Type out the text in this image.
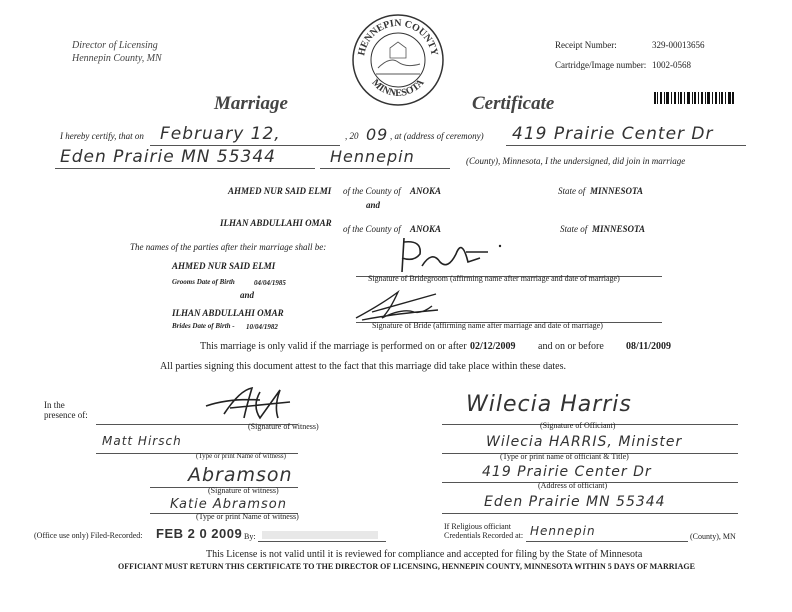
Director of Licensing
Hennepin County, MN
HENNEPIN COUNTY
MINNESOTA
Receipt Number:	329-00013656
Cartridge/Image number: 1002-0568
Marriage	Certificate
I hereby certify, that on February 12,	, 20 09 , at (address of ceremony) 419 Prairie Center Dr
Eden Prairie MN 55344	Hennepin	(County), Minnesota, I the undersigned, did join in marriage
AHMED NUR SAID ELMI of the County of ANOKA	State of MINNESOTA
and
ILHAN ABDULLAHI OMAR
of the County of ANOKA	State of MINNESOTA
The names of the parties after their marriage shall be:
AHMED NUR SAID ELMI
Grooms Date of Birth	04/04/1985
and
ILHAN ABDULLAHI OMAR
Brides Date of Birth - 10/04/1982
Signature of Bridegroom (affirming name after marriage and date of marriage)
Signature of Bride (affirming name after marriage and date of marriage)
This marriage is only valid if the marriage is performed on or after 02/12/2009 and on or before 08/11/2009
All parties signing this document attest to the fact that this marriage did take place within these dates.
In the
presence of:
(Signature of witness)
Matt Hirsch
(Type or print Name of witness)
Abramson
(Signature of witness)
Katie Abramson
(Type or print Name of witness)
Wilecia Harris
(Signature of Officiant)
Wilecia HARRIS, Minister
(Type or print name of officiant & Title)
419 Prairie Center Dr
(Address of officiant)
Eden Prairie MN 55344
If Religious officiant
Credentials Recorded at: Hennepin	(County), MN
(Office use only) Filed-Recorded: FEB 2 0 2009 By:
This License is not valid until it is reviewed for compliance and accepted for filing by the State of Minnesota
OFFICIANT MUST RETURN THIS CERTIFICATE TO THE DIRECTOR OF LICENSING, HENNEPIN COUNTY, MINNESOTA WITHIN 5 DAYS OF MARRIAGE
